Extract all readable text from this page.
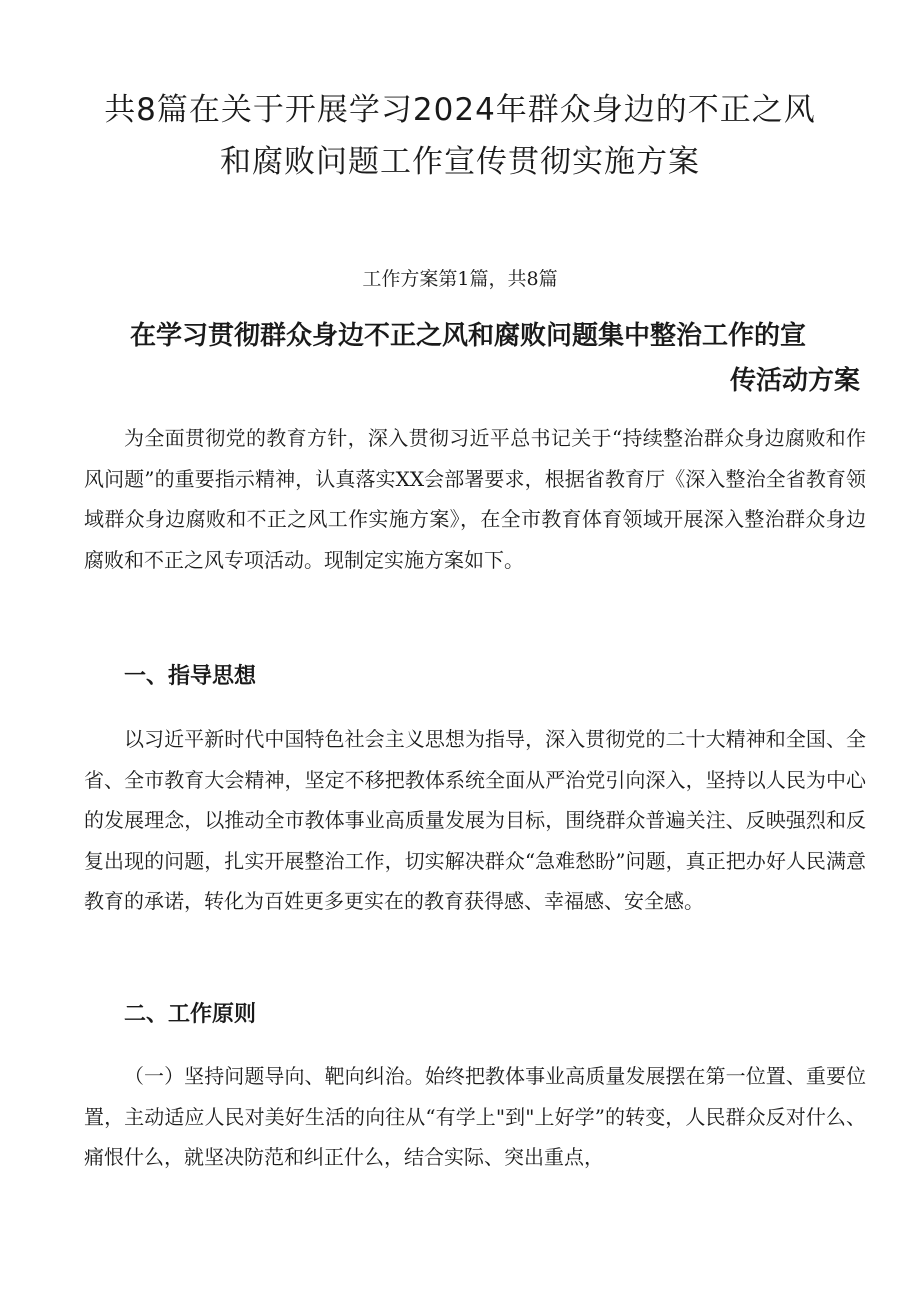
共8篇在关于开展学习2024年群众身边的不正之风
和腐败问题工作宣传贯彻实施方案

工作方案第1篇，共8篇

在学习贯彻群众身边不正之风和腐败问题集中整治工作的宣
传活动方案

为全面贯彻党的教育方针，深入贯彻习近平总书记关于“持续整治群众身边腐败和作风问题”的重要指示精神，认真落实XX会部署要求，根据省教育厅《深入整治全省教育领域群众身边腐败和不正之风工作实施方案》，在全市教育体育领域开展深入整治群众身边腐败和不正之风专项活动。现制定实施方案如下。

一、指导思想

以习近平新时代中国特色社会主义思想为指导，深入贯彻党的二十大精神和全国、全省、全市教育大会精神，坚定不移把教体系统全面从严治党引向深入，坚持以人民为中心的发展理念，以推动全市教体事业高质量发展为目标，围绕群众普遍关注、反映强烈和反复出现的问题，扎实开展整治工作，切实解决群众“急难愁盼”问题，真正把办好人民满意教育的承诺，转化为百姓更多更实在的教育获得感、幸福感、安全感。

二、工作原则

（一）坚持问题导向、靶向纠治。始终把教体事业高质量发展摆在第一位置、重要位置，主动适应人民对美好生活的向往从“有学上"到"上好学”的转变，人民群众反对什么、痛恨什么，就坚决防范和纠正什么，结合实际、突出重点，
